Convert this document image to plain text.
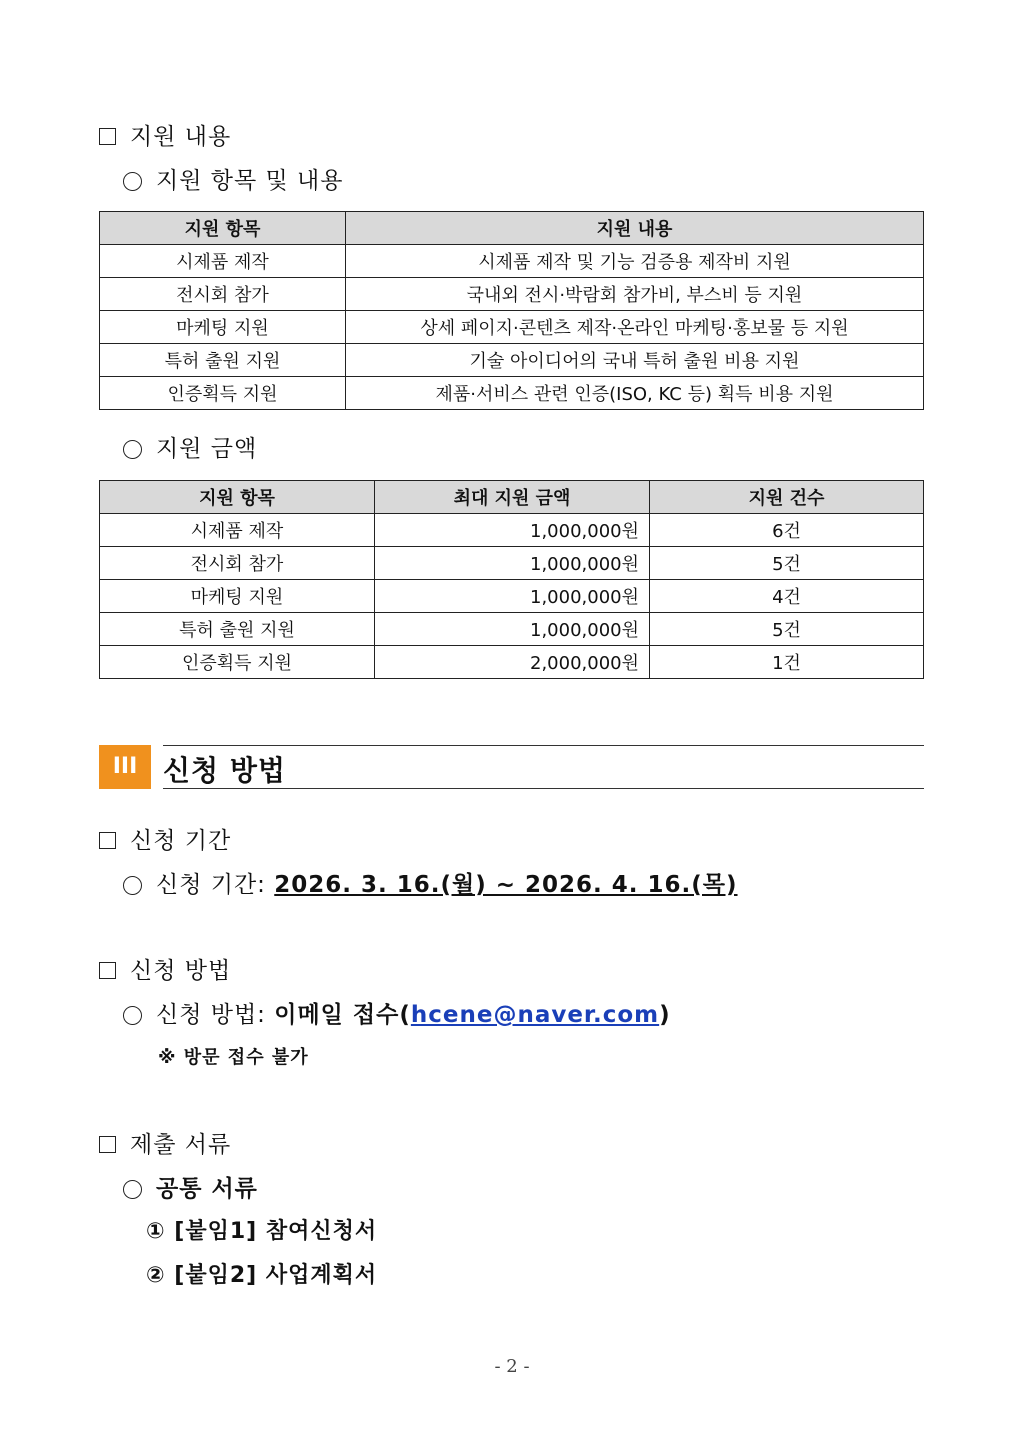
지원 내용
지원 항목 및 내용
지원 항목	지원 내용
시제품 제작	시제품 제작 및 기능 검증용 제작비 지원
전시회 참가	국내외 전시·박람회 참가비, 부스비 등 지원
마케팅 지원	상세 페이지·콘텐츠 제작·온라인 마케팅·홍보물 등 지원
특허 출원 지원	기술 아이디어의 국내 특허 출원 비용 지원
인증획득 지원	제품·서비스 관련 인증(ISO, KC 등) 획득 비용 지원
지원 금액
지원 항목	최대 지원 금액	지원 건수
시제품 제작	1,000,000원	6건
전시회 참가	1,000,000원	5건
마케팅 지원	1,000,000원	4건
특허 출원 지원	1,000,000원	5건
인증획득 지원	2,000,000원	1건
III 신청 방법
신청 기간
신청 기간: 2026. 3. 16.(월) ~ 2026. 4. 16.(목)
신청 방법
신청 방법: 이메일 접수(hcene@naver.com)
※ 방문 접수 불가
제출 서류
공통 서류
① [붙임1] 참여신청서
② [붙임2] 사업계획서
- 2 -
